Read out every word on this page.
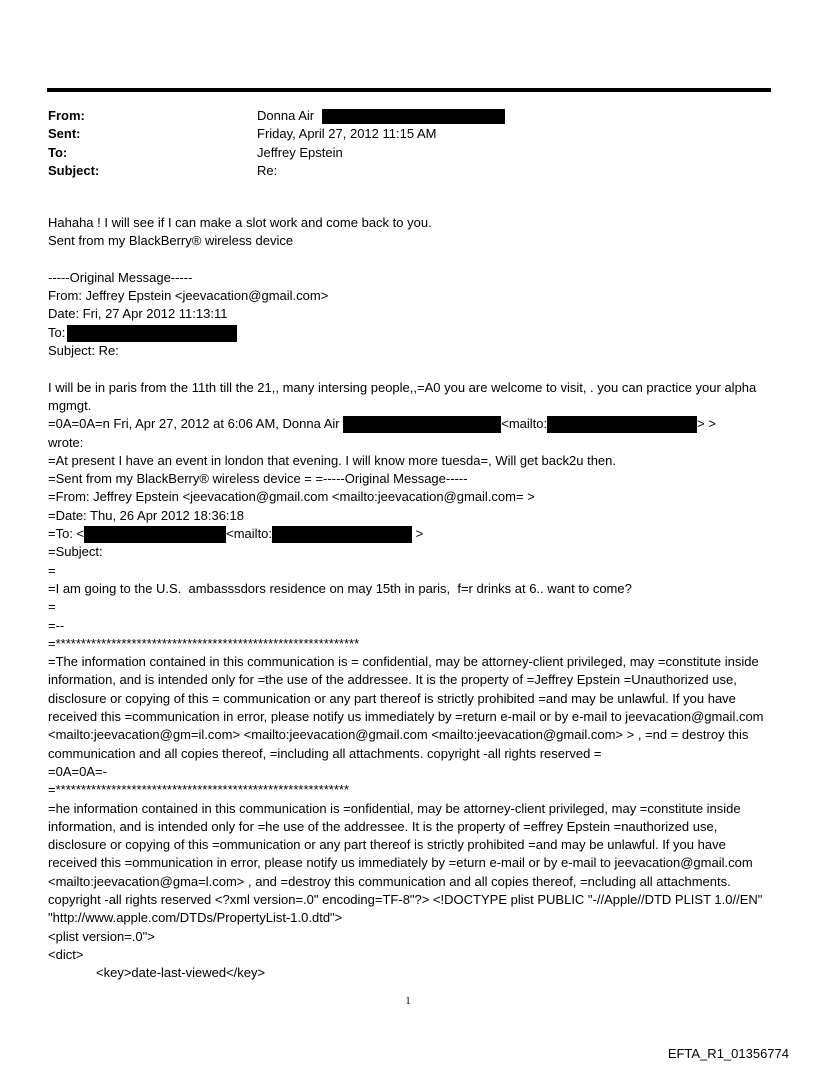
From:	Donna Air
Sent:	Friday, April 27, 2012 11:15 AM
To:	Jeffrey Epstein
Subject:	Re:
Hahaha ! I will see if I can make a slot work and come back to you.
Sent from my BlackBerry® wireless device
-----Original Message-----
From: Jeffrey Epstein <jeevacation@gmail.com>
Date: Fri, 27 Apr 2012 11:13:11
To:
Subject: Re:
I will be in paris from the 11th till the 21,, many intersing people,,=A0 you are welcome to visit, . you can practice your alpha mgmgt.
=0A=0A=n Fri, Apr 27, 2012 at 6:06 AM, Donna Air	<mailto:	> >
wrote:
=At present I have an event in london that evening. I will know more tuesda=, Will get back2u then.
=Sent from my BlackBerry® wireless device = =-----Original Message-----
=From: Jeffrey Epstein <jeevacation@gmail.com <mailto:jeevacation@gmail.com= >
=Date: Thu, 26 Apr 2012 18:36:18
=To: <	<mailto:	>
=Subject:
=
=I am going to the U.S.  ambasssdors residence on may 15th in paris,  f=r drinks at 6.. want to come?
=
=--
=************************************************************
=The information contained in this communication is = confidential, may be attorney-client privileged, may =constitute inside information, and is intended only for =the use of the addressee. It is the property of =Jeffrey Epstein =Unauthorized use, disclosure or copying of this = communication or any part thereof is strictly prohibited =and may be unlawful. If you have received this =communication in error, please notify us immediately by =return e-mail or by e-mail to jeevacation@gmail.com <mailto:jeevacation@gm=il.com> <mailto:jeevacation@gmail.com <mailto:jeevacation@gmail.com> > , =nd = destroy this communication and all copies thereof, =including all attachments. copyright -all rights reserved =
=0A=0A=-
=**********************************************************
=he information contained in this communication is =onfidential, may be attorney-client privileged, may =constitute inside information, and is intended only for =he use of the addressee. It is the property of =effrey Epstein =nauthorized use, disclosure or copying of this =ommunication or any part thereof is strictly prohibited =and may be unlawful. If you have received this =ommunication in error, please notify us immediately by =eturn e-mail or by e-mail to jeevacation@gmail.com <mailto:jeevacation@gma=l.com> , and =destroy this communication and all copies thereof, =ncluding all attachments. copyright -all rights reserved <?xml version=.0" encoding=TF-8"?> <!DOCTYPE plist PUBLIC "-//Apple//DTD PLIST 1.0//EN" "http://www.apple.com/DTDs/PropertyList-1.0.dtd">
<plist version=.0">
<dict>
<key>date-last-viewed</key>
1
EFTA_R1_01356774
